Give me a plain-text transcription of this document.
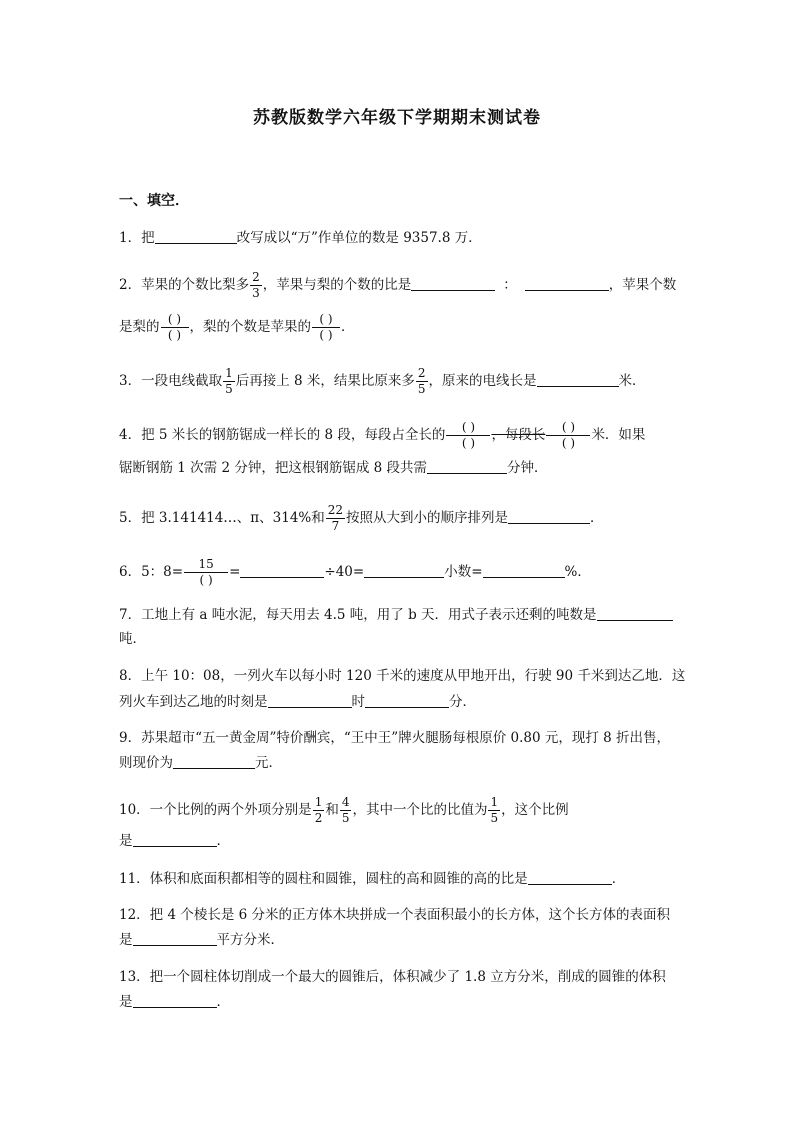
苏教版数学六年级下学期期末测试卷
一、填空．
1．把	改写成以“万”作单位的数是 9357.8 万．
2．苹果的个数比梨多 $\frac{2}{3}$ ，苹果与梨的个数的比是	：	，苹果个数
是梨的 $\frac{( )}{( )}$ ，梨的个数是苹果的 $\frac{( )}{( )}$ ．
3．一段电线截取 $\frac{1}{5}$ 后再接上 8 米，结果比原来多 $\frac{2}{5}$ ，原来的电线长是	米．
4．把 5 米长的钢筋锯成一样长的 8 段，每段占全长的 $\frac{( )}{( )}$ ，每段长 $\frac{( )}{( )}$ 米．如果
锯断钢筋 1 次需 2 分钟，把这根钢筋锯成 8 段共需	分钟．
5．把 3.141414…、π、314%和 $\frac{22}{7}$ 按照从大到小的顺序排列是	．
6．5：$8= \frac{15}{( )}$ =	÷40=	小数=	%．
7．工地上有 a 吨水泥，每天用去 4.5 吨，用了 b 天．用式子表示还剩的吨数是
吨．
8．上午 10：08，一列火车以每小时 120 千米的速度从甲地开出，行驶 90 千米到达乙地．这
列火车到达乙地的时刻是	时	分．
9．苏果超市“五一黄金周”特价酬宾，“王中王”牌火腿肠每根原价 0.80 元，现打 8 折出售，
则现价为	元．
10．一个比例的两个外项分别是 $\frac{1}{2}$ 和 $\frac{4}{5}$ ，其中一个比的比值为 $\frac{1}{5}$ ，这个比例
是	．
11．体积和底面积都相等的圆柱和圆锥，圆柱的高和圆锥的高的比是	．
12．把 4 个棱长是 6 分米的正方体木块拼成一个表面积最小的长方体，这个长方体的表面积
是	平方分米．
13．把一个圆柱体切削成一个最大的圆锥后，体积减少了 1.8 立方分米，削成的圆锥的体积
是	．
